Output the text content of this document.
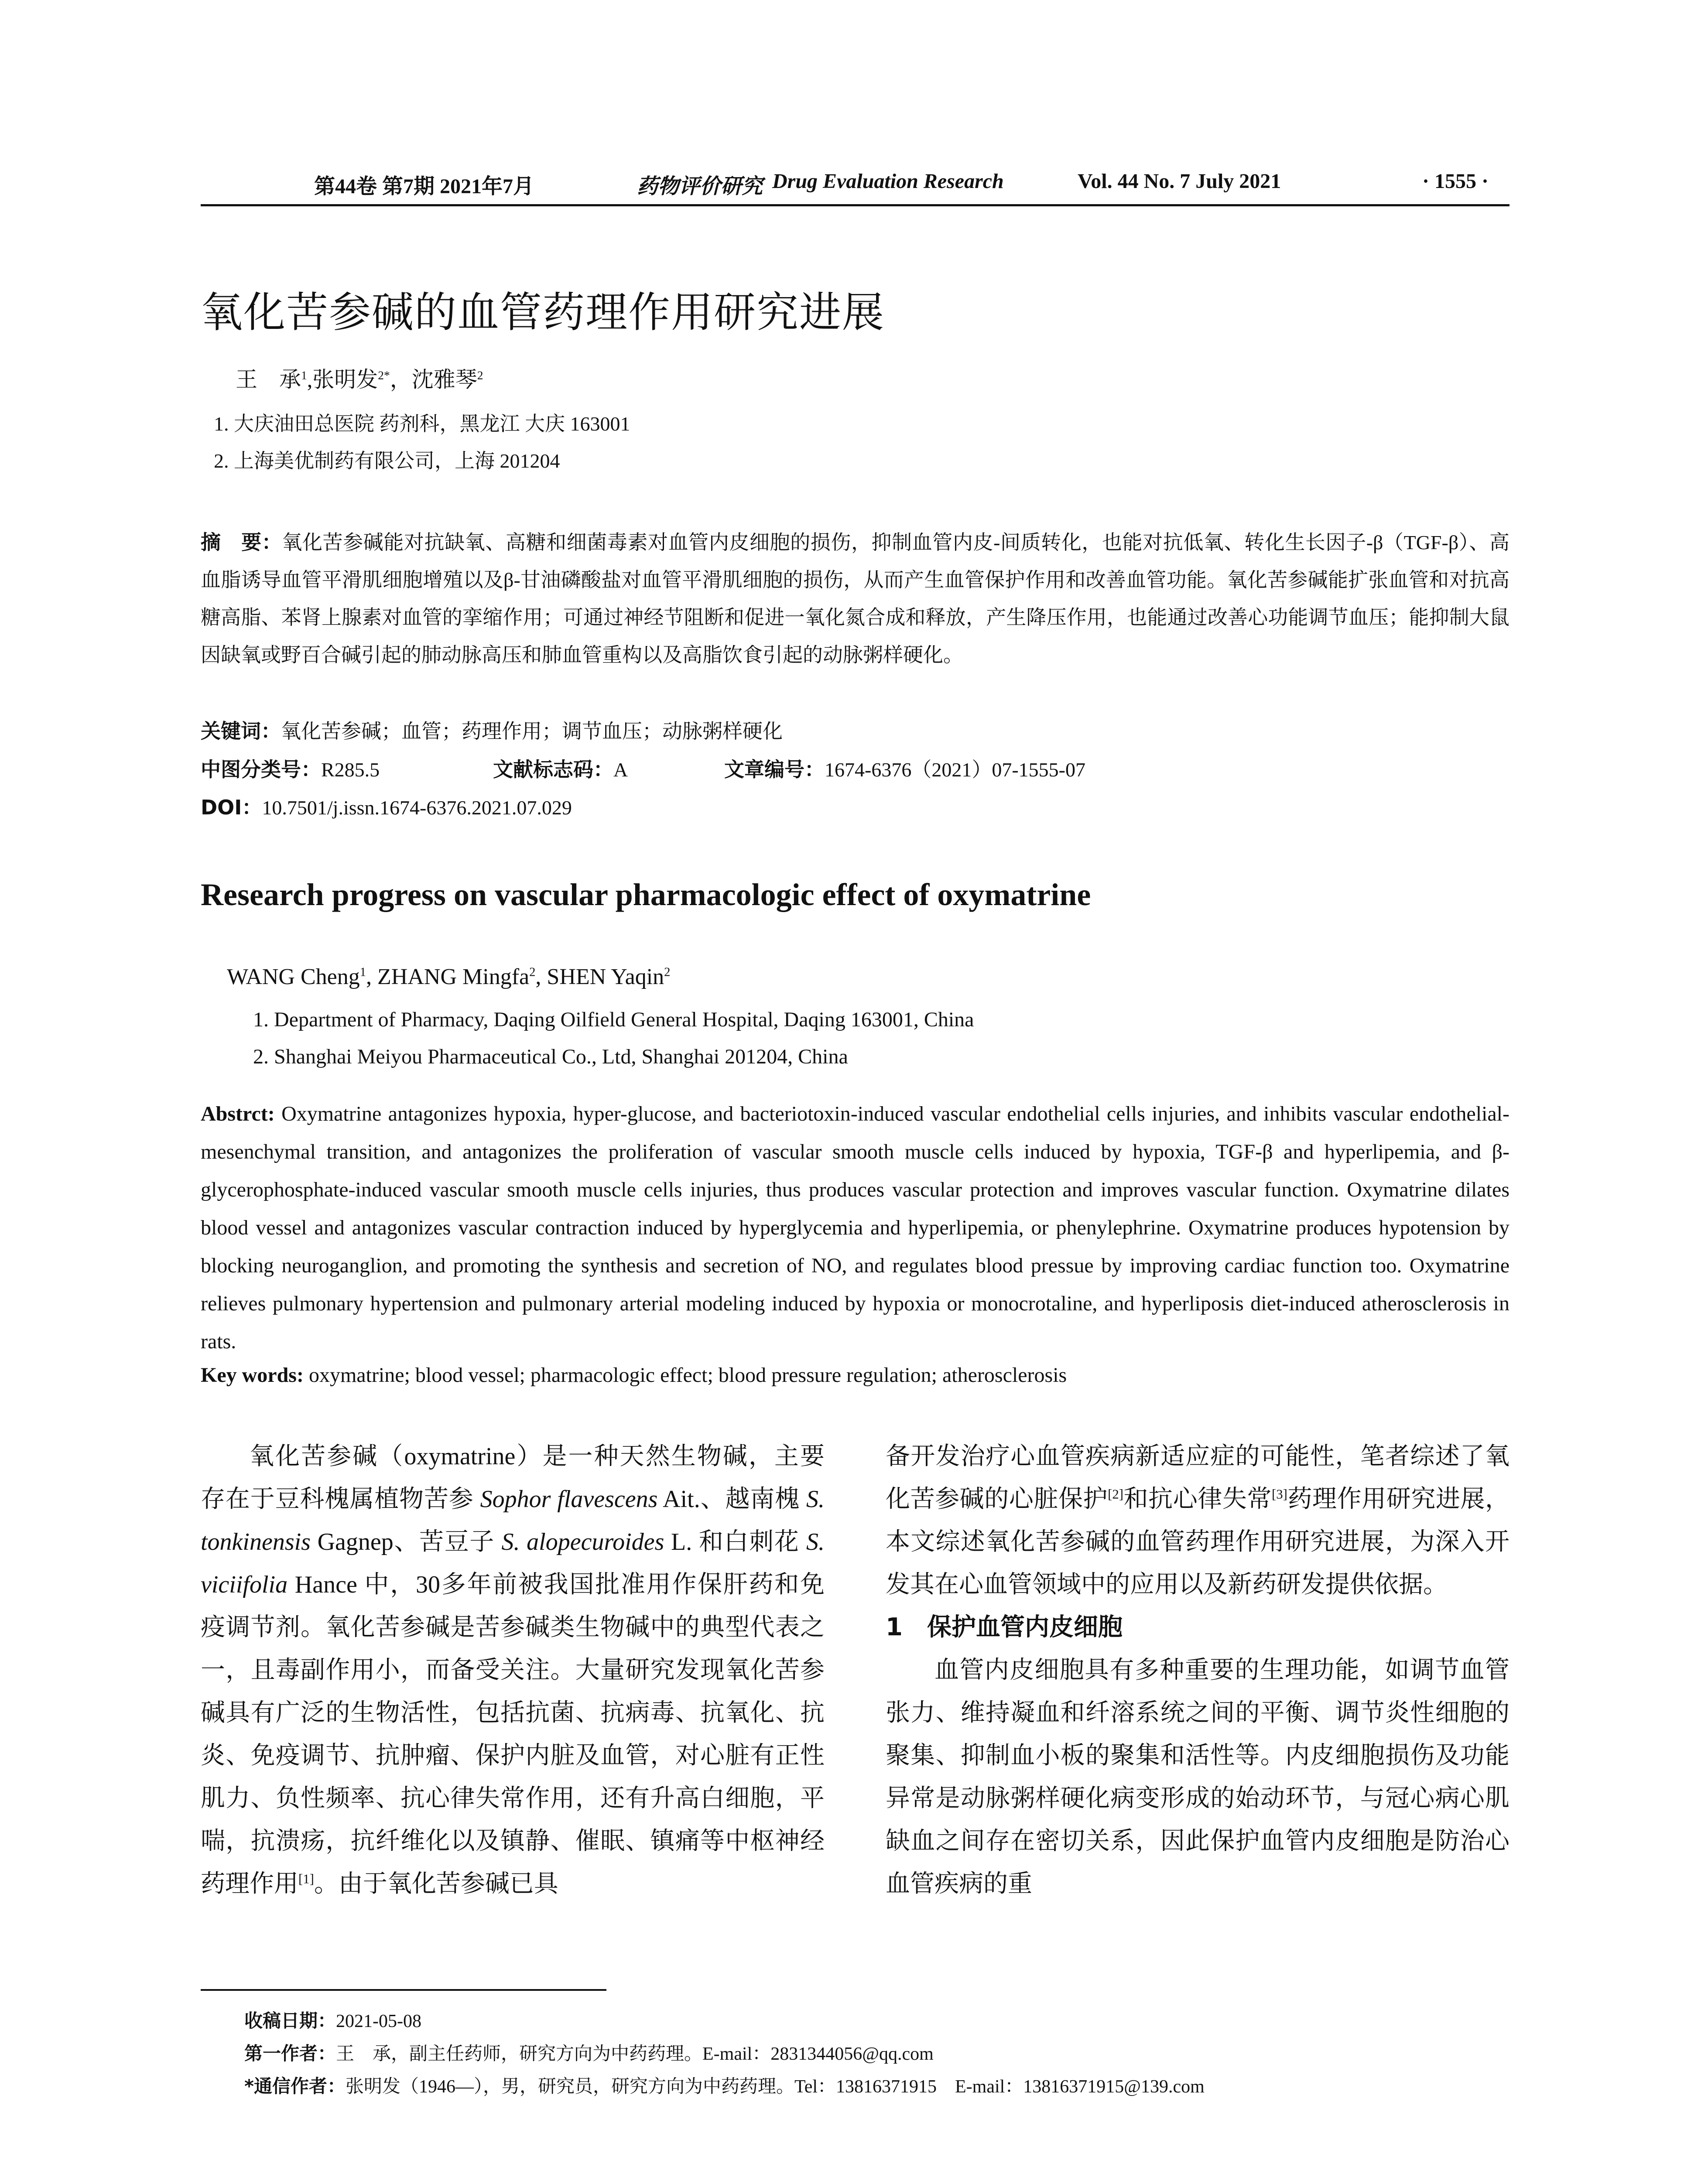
第44卷 第7期 2021年7月	药物评价研究 Drug Evaluation Research	Vol. 44 No. 7 July 2021	· 1555 ·
氧化苦参碱的血管药理作用研究进展
王　承$^1$,张明发$^{2*}$，沈雅琴$^2$
1. 大庆油田总医院 药剂科，黑龙江 大庆 163001
2. 上海美优制药有限公司，上海 201204
摘　要：氧化苦参碱能对抗缺氧、高糖和细菌毒素对血管内皮细胞的损伤，抑制血管内皮-间质转化，也能对抗低氧、转化生长因子-β（TGF-β）、高血脂诱导血管平滑肌细胞增殖以及β-甘油磷酸盐对血管平滑肌细胞的损伤，从而产生血管保护作用和改善血管功能。氧化苦参碱能扩张血管和对抗高糖高脂、苯肾上腺素对血管的挛缩作用；可通过神经节阻断和促进一氧化氮合成和释放，产生降压作用，也能通过改善心功能调节血压；能抑制大鼠因缺氧或野百合碱引起的肺动脉高压和肺血管重构以及高脂饮食引起的动脉粥样硬化。
关键词：氧化苦参碱；血管；药理作用；调节血压；动脉粥样硬化
中图分类号：R285.5	文献标志码：A	文章编号：1674-6376（2021）07-1555-07
DOI：10.7501/j.issn.1674-6376.2021.07.029
Research progress on vascular pharmacologic effect of oxymatrine
WANG Cheng$^1$, ZHANG Mingfa$^2$, SHEN Yaqin$^2$
1. Department of Pharmacy, Daqing Oilfield General Hospital, Daqing 163001, China
2. Shanghai Meiyou Pharmaceutical Co., Ltd, Shanghai 201204, China
Abstrct: Oxymatrine antagonizes hypoxia, hyper-glucose, and bacteriotoxin-induced vascular endothelial cells injuries, and inhibits vascular endothelial-mesenchymal transition, and antagonizes the proliferation of vascular smooth muscle cells induced by hypoxia, TGF-β and hyperlipemia, and β-glycerophosphate-induced vascular smooth muscle cells injuries, thus produces vascular protection and improves vascular function. Oxymatrine dilates blood vessel and antagonizes vascular contraction induced by hyperglycemia and hyperlipemia, or phenylephrine. Oxymatrine produces hypotension by blocking neuroganglion, and promoting the synthesis and secretion of NO, and regulates blood pressue by improving cardiac function too. Oxymatrine relieves pulmonary hypertension and pulmonary arterial modeling induced by hypoxia or monocrotaline, and hyperliposis diet-induced atherosclerosis in rats.
Key words: oxymatrine; blood vessel; pharmacologic effect; blood pressure regulation; atherosclerosis

氧化苦参碱（oxymatrine）是一种天然生物碱，主要存在于豆科槐属植物苦参 Sophor flavescens Ait.、越南槐 S. tonkinensis Gagnep、苦豆子 S. alopecuroides L. 和白刺花 S. viciifolia Hance 中，30多年前被我国批准用作保肝药和免疫调节剂。氧化苦参碱是苦参碱类生物碱中的典型代表之一，且毒副作用小，而备受关注。大量研究发现氧化苦参碱具有广泛的生物活性，包括抗菌、抗病毒、抗氧化、抗炎、免疫调节、抗肿瘤、保护内脏及血管，对心脏有正性肌力、负性频率、抗心律失常作用，还有升高白细胞，平喘，抗溃疡，抗纤维化以及镇静、催眠、镇痛等中枢神经药理作用[1]。由于氧化苦参碱已具

备开发治疗心血管疾病新适应症的可能性，笔者综述了氧化苦参碱的心脏保护[2]和抗心律失常[3]药理作用研究进展，本文综述氧化苦参碱的血管药理作用研究进展，为深入开发其在心血管领域中的应用以及新药研发提供依据。

1　保护血管内皮细胞

血管内皮细胞具有多种重要的生理功能，如调节血管张力、维持凝血和纤溶系统之间的平衡、调节炎性细胞的聚集、抑制血小板的聚集和活性等。内皮细胞损伤及功能异常是动脉粥样硬化病变形成的始动环节，与冠心病心肌缺血之间存在密切关系，因此保护血管内皮细胞是防治心血管疾病的重

收稿日期：2021-05-08
第一作者：王　承，副主任药师，研究方向为中药药理。E-mail：2831344056@qq.com
*通信作者：张明发（1946—），男，研究员，研究方向为中药药理。Tel：13816371915　E-mail：13816371915@139.com
